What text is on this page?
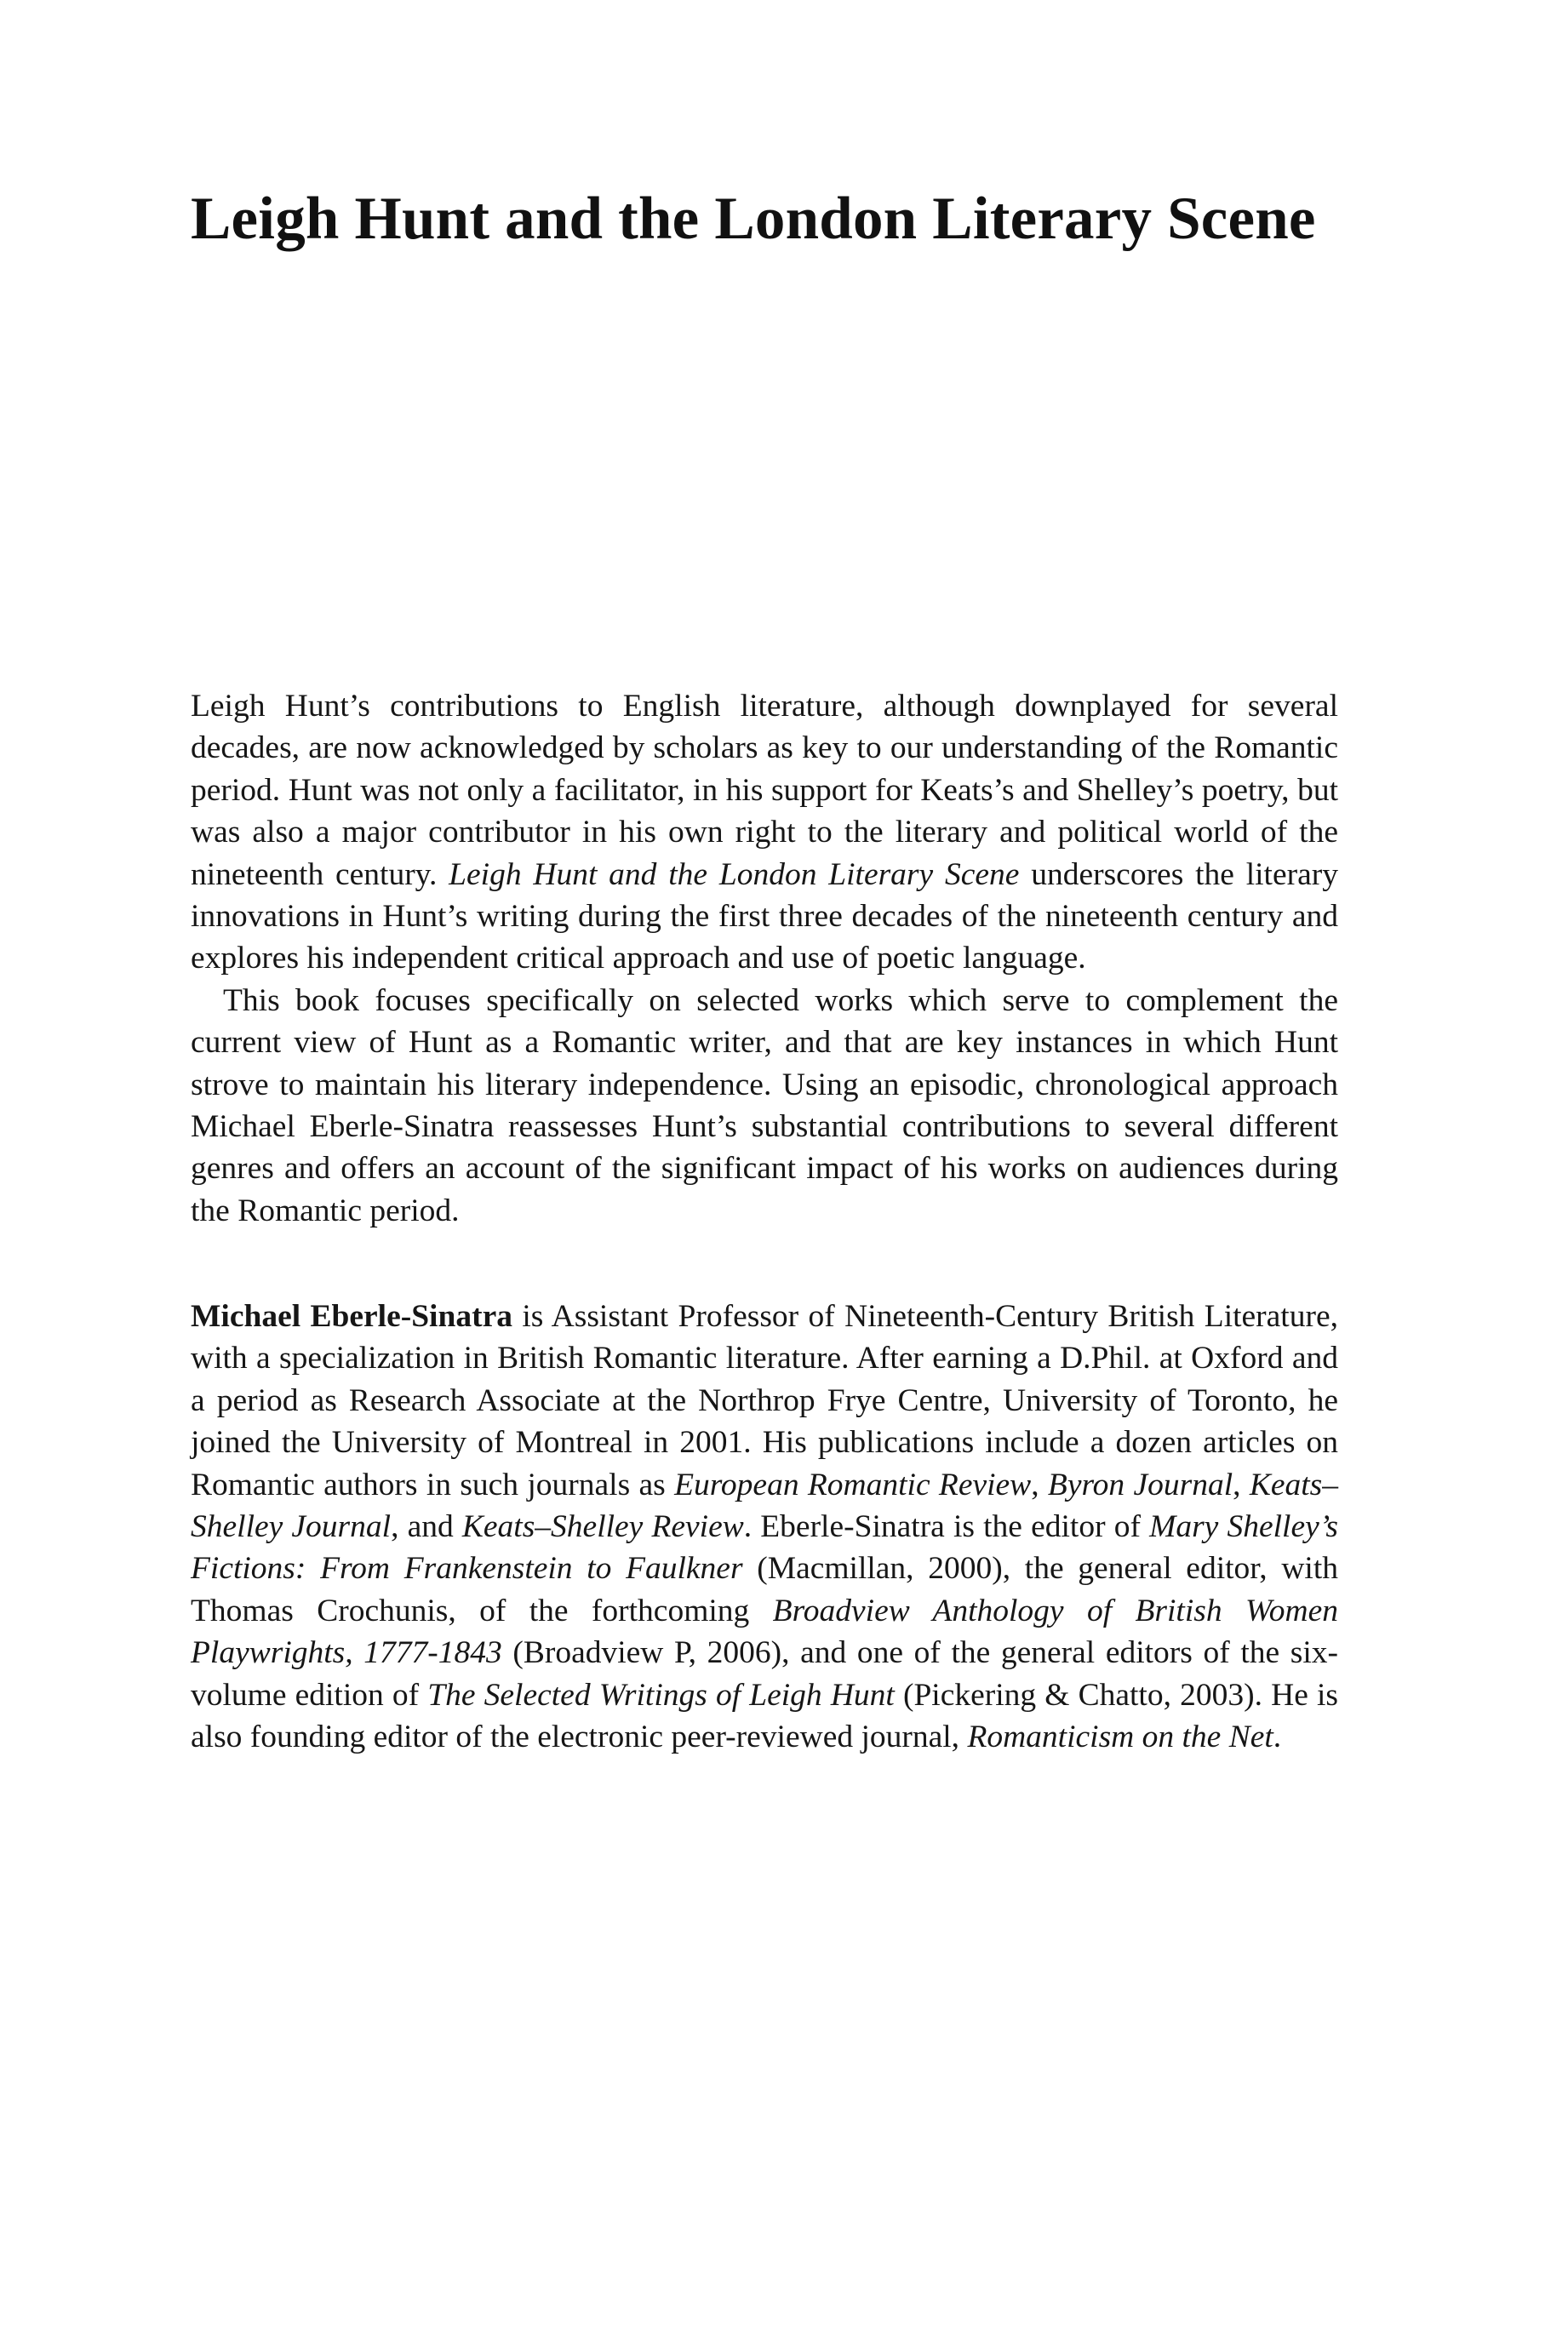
Leigh Hunt and the London Literary Scene

Leigh Hunt’s contributions to English literature, although downplayed for several decades, are now acknowledged by scholars as key to our understanding of the Romantic period. Hunt was not only a facilitator, in his support for Keats’s and Shelley’s poetry, but was also a major contributor in his own right to the literary and political world of the nineteenth century. Leigh Hunt and the London Literary Scene underscores the literary innovations in Hunt’s writing during the first three decades of the nineteenth century and explores his independent critical approach and use of poetic language.

This book focuses specifically on selected works which serve to complement the current view of Hunt as a Romantic writer, and that are key instances in which Hunt strove to maintain his literary independence. Using an episodic, chronological approach Michael Eberle-Sinatra reassesses Hunt’s substantial contributions to several different genres and offers an account of the significant impact of his works on audiences during the Romantic period.

Michael Eberle-Sinatra is Assistant Professor of Nineteenth-Century British Literature, with a specialization in British Romantic literature. After earning a D.Phil. at Oxford and a period as Research Associate at the Northrop Frye Centre, University of Toronto, he joined the University of Montreal in 2001. His publications include a dozen articles on Romantic authors in such journals as European Romantic Review, Byron Journal, Keats–Shelley Journal, and Keats–Shelley Review. Eberle-Sinatra is the editor of Mary Shelley’s Fictions: From Frankenstein to Faulkner (Macmillan, 2000), the general editor, with Thomas Crochunis, of the forthcoming Broadview Anthology of British Women Playwrights, 1777-1843 (Broadview P, 2006), and one of the general editors of the six-volume edition of The Selected Writings of Leigh Hunt (Pickering & Chatto, 2003). He is also founding editor of the electronic peer-reviewed journal, Romanticism on the Net.
